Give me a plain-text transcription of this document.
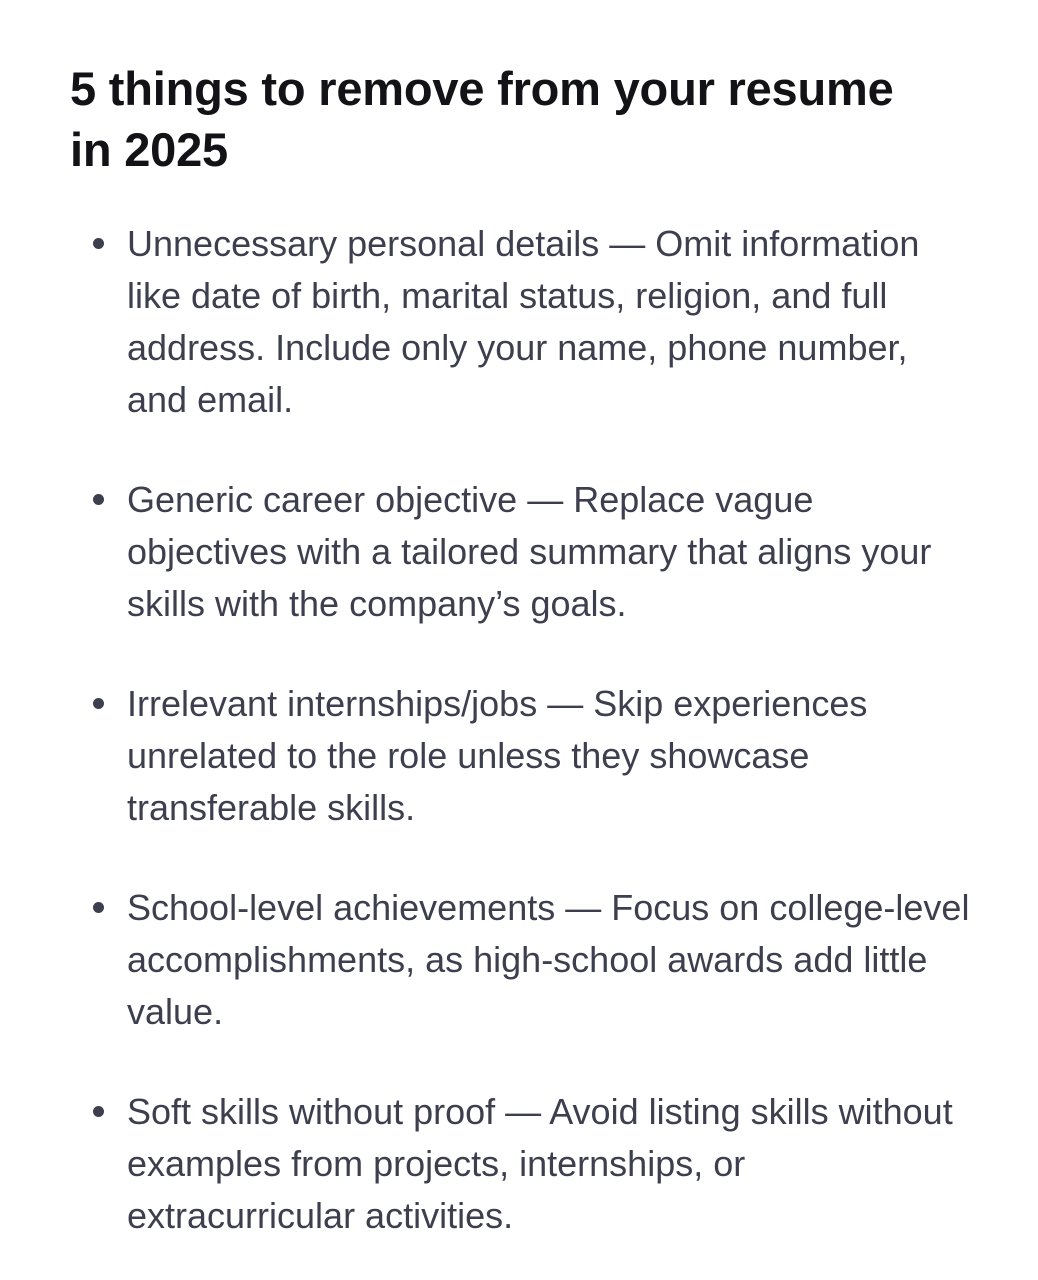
5 things to remove from your resume
in 2025
Unnecessary personal details — Omit information like date of birth, marital status, religion, and full address. Include only your name, phone number, and email.
Generic career objective — Replace vague objectives with a tailored summary that aligns your skills with the company’s goals.
Irrelevant internships/jobs — Skip experiences unrelated to the role unless they showcase transferable skills.
School-level achievements — Focus on college-level accomplishments, as high-school awards add little value.
Soft skills without proof — Avoid listing skills without examples from projects, internships, or extracurricular activities.
